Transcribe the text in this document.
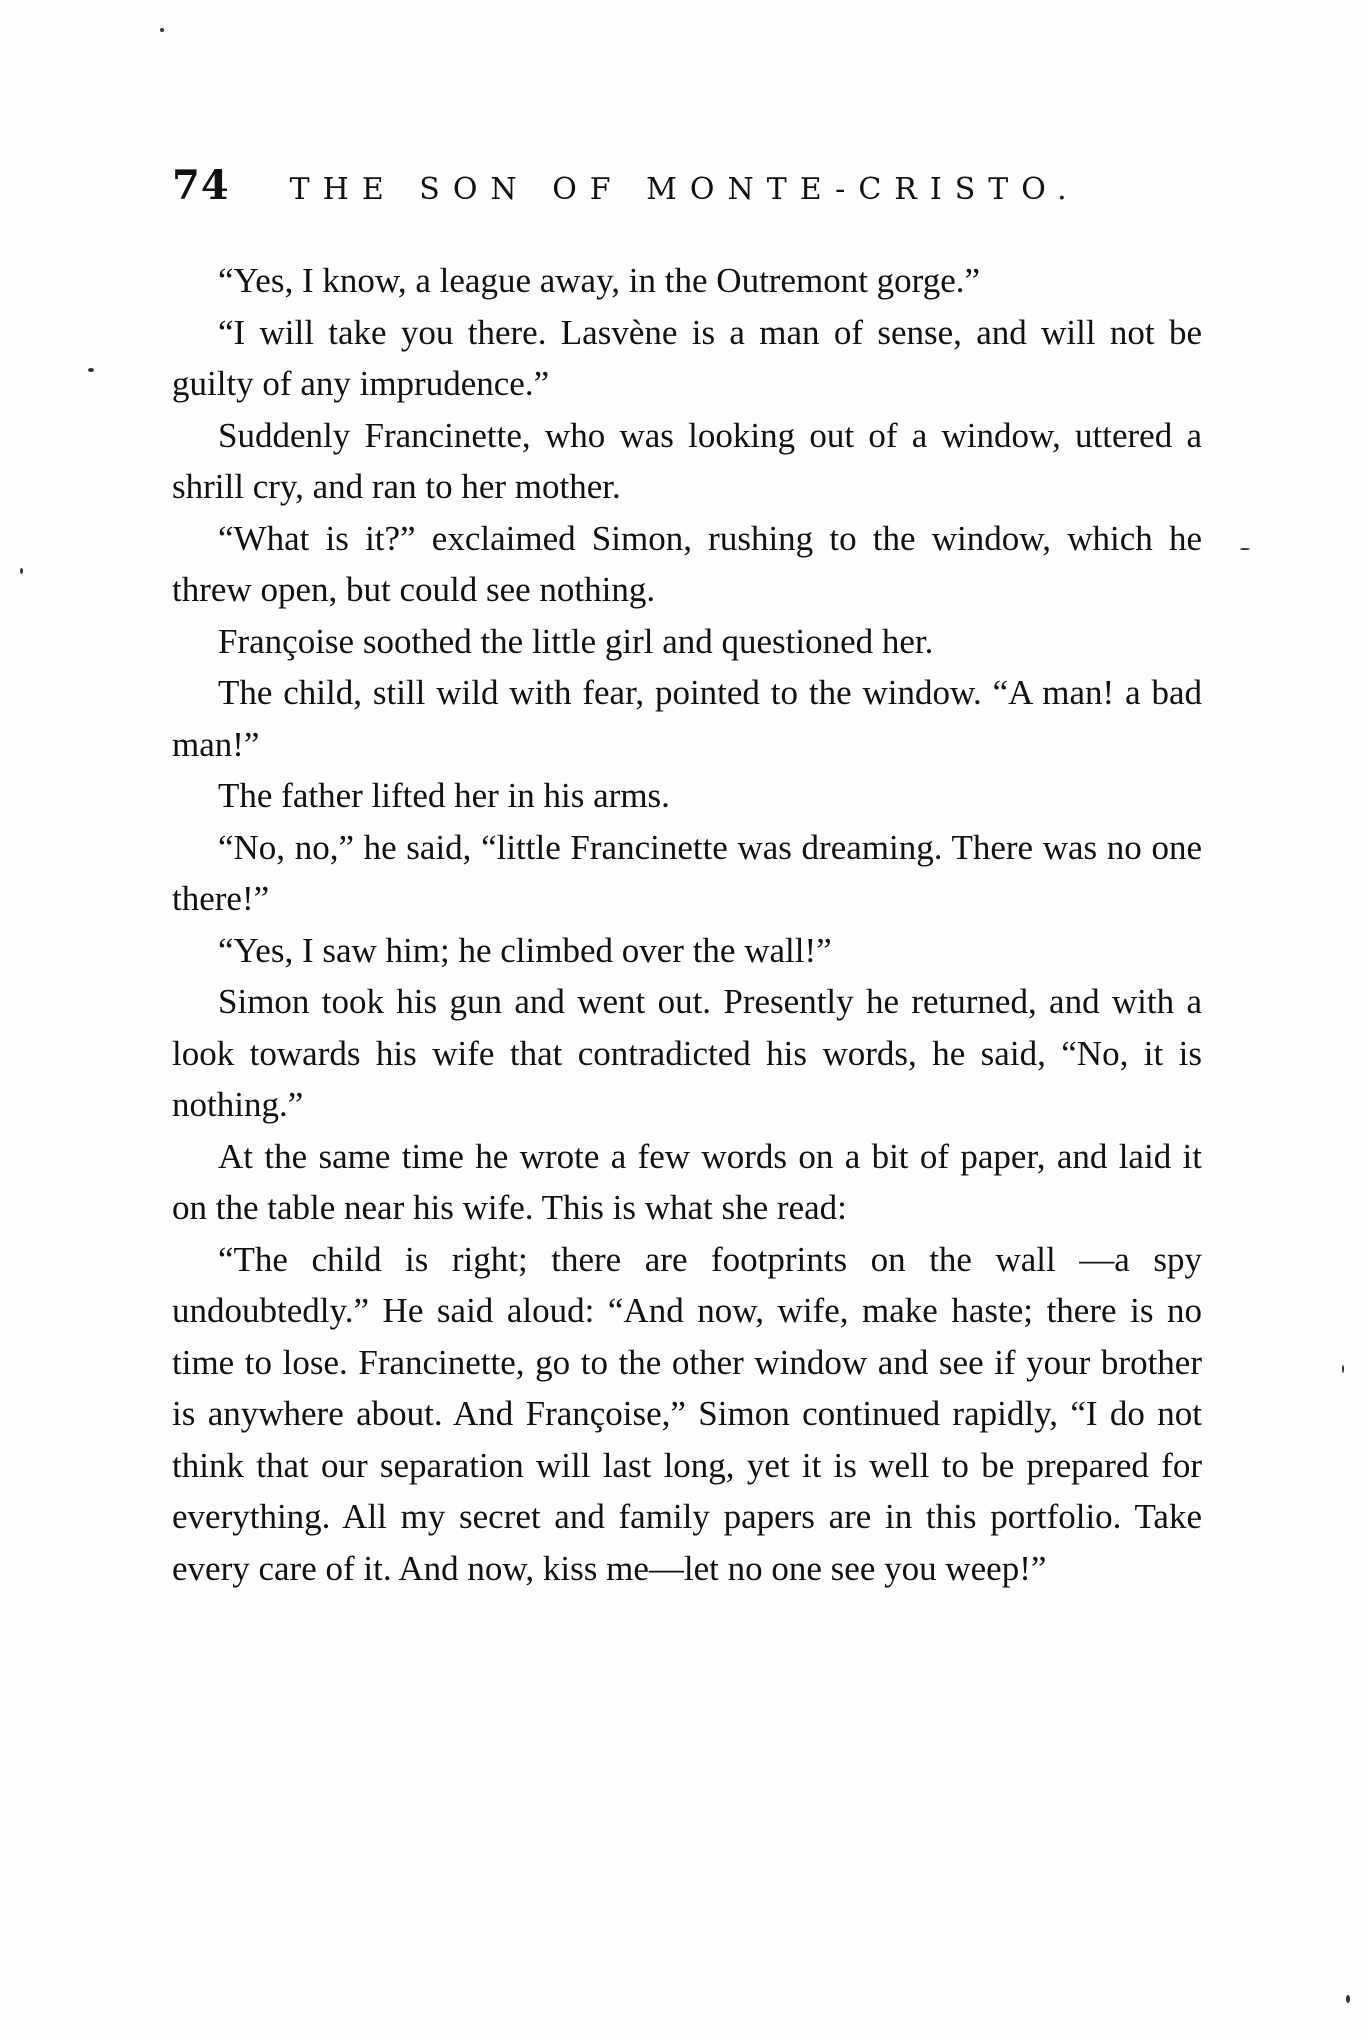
74 THE SON OF MONTE-CRISTO.

“Yes, I know, a league away, in the Outremont gorge.”

“I will take you there. Lasvène is a man of sense, and will not be guilty of any imprudence.”

Suddenly Francinette, who was looking out of a window, uttered a shrill cry, and ran to her mother.

“What is it?” exclaimed Simon, rushing to the window, which he threw open, but could see nothing.

Françoise soothed the little girl and questioned her.

The child, still wild with fear, pointed to the window. “A man! a bad man!”

The father lifted her in his arms.

“No, no,” he said, “little Francinette was dreaming. There was no one there!”

“Yes, I saw him; he climbed over the wall!”

Simon took his gun and went out. Presently he returned, and with a look towards his wife that contradicted his words, he said, “No, it is nothing.”

At the same time he wrote a few words on a bit of paper, and laid it on the table near his wife. This is what she read:

“The child is right; there are footprints on the wall —a spy undoubtedly.” He said aloud: “And now, wife, make haste; there is no time to lose. Francinette, go to the other window and see if your brother is anywhere about. And Françoise,” Simon continued rapidly, “I do not think that our separation will last long, yet it is well to be prepared for everything. All my secret and family papers are in this portfolio. Take every care of it. And now, kiss me—let no one see you weep!”
